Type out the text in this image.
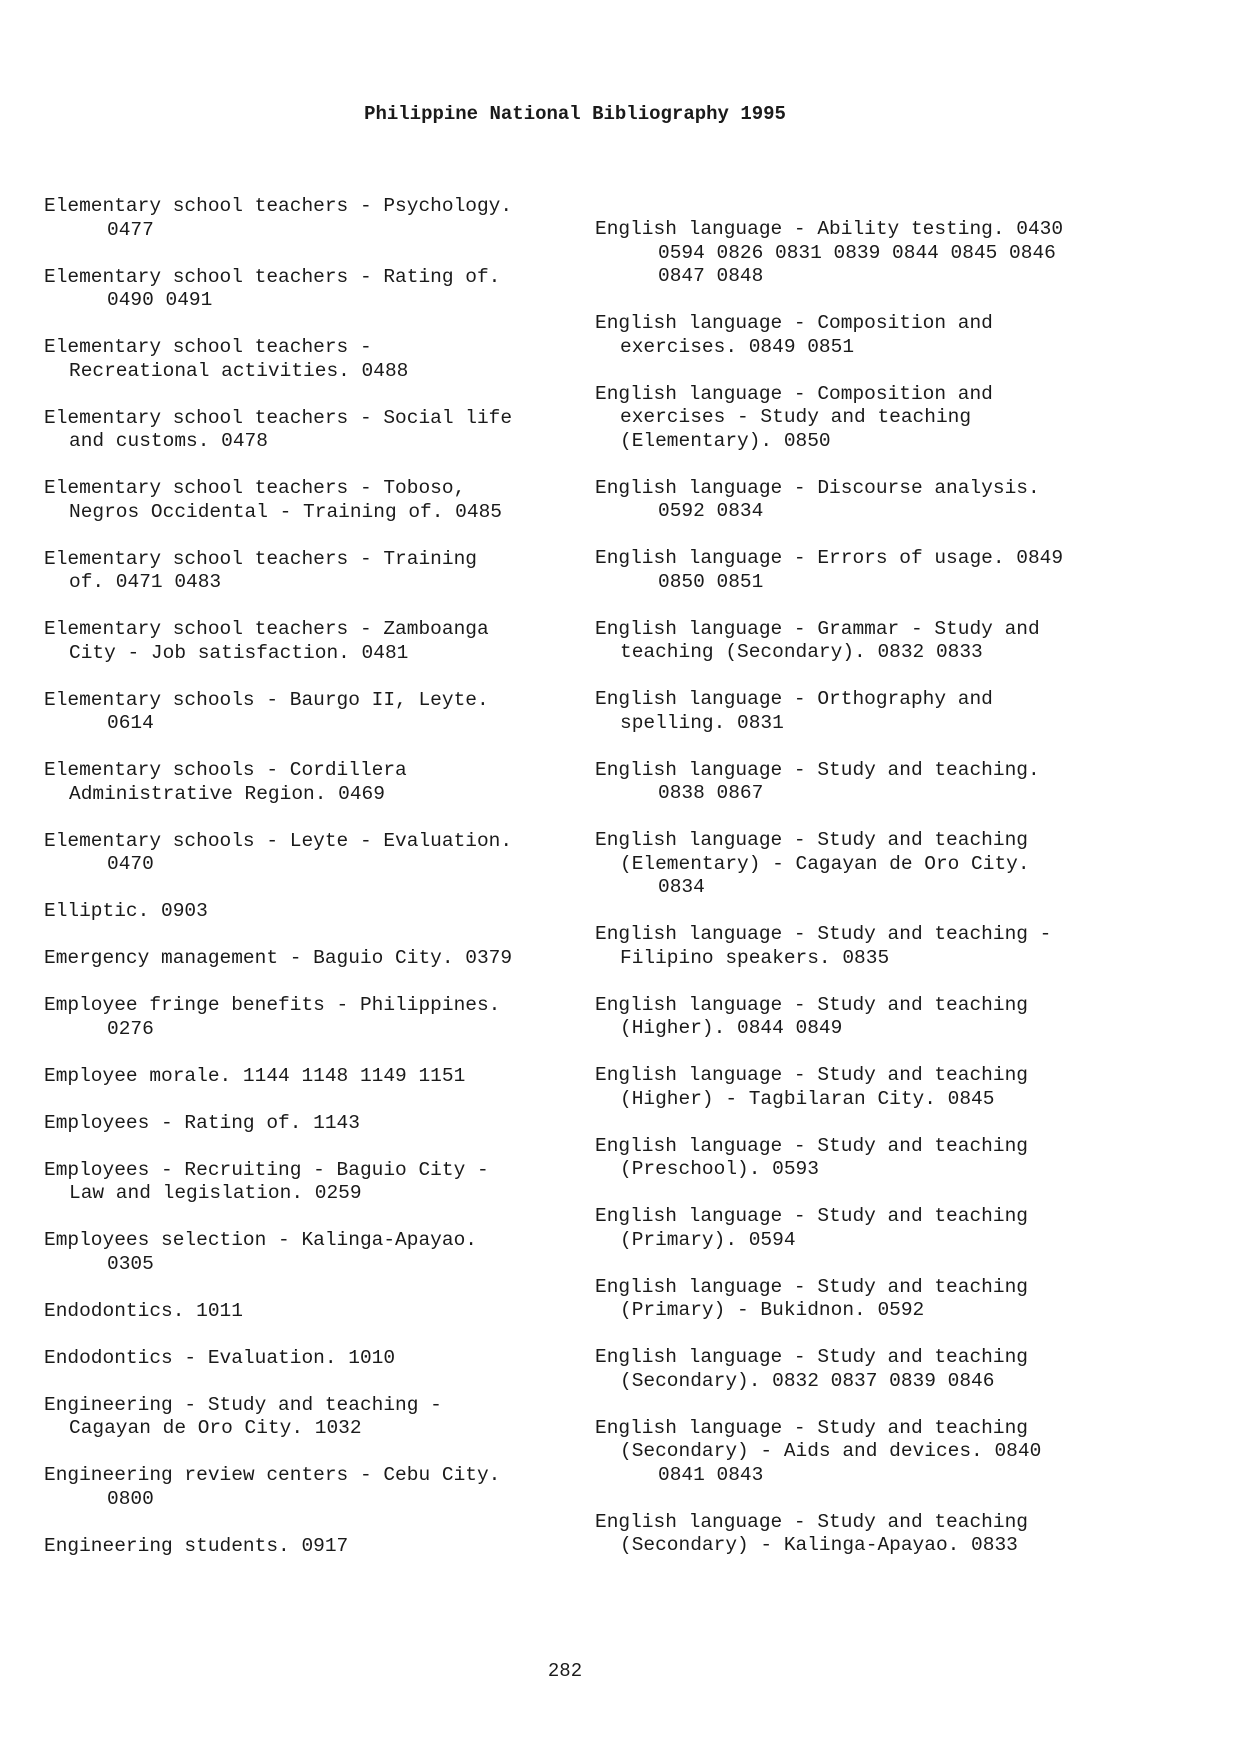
Philippine National Bibliography 1995
Elementary school teachers - Psychology.
0477
Elementary school teachers - Rating of.
0490 0491
Elementary school teachers -
Recreational activities. 0488
Elementary school teachers - Social life
and customs. 0478
Elementary school teachers - Toboso,
Negros Occidental - Training of. 0485
Elementary school teachers - Training
of. 0471 0483
Elementary school teachers - Zamboanga
City - Job satisfaction. 0481
Elementary schools - Baurgo II, Leyte.
0614
Elementary schools - Cordillera
Administrative Region. 0469
Elementary schools - Leyte - Evaluation.
0470
Elliptic. 0903
Emergency management - Baguio City. 0379
Employee fringe benefits - Philippines.
0276
Employee morale. 1144 1148 1149 1151
Employees - Rating of. 1143
Employees - Recruiting - Baguio City -
Law and legislation. 0259
Employees selection - Kalinga-Apayao.
0305
Endodontics. 1011
Endodontics - Evaluation. 1010
Engineering - Study and teaching -
Cagayan de Oro City. 1032
Engineering review centers - Cebu City.
0800
Engineering students. 0917
English language - Ability testing. 0430
0594 0826 0831 0839 0844 0845 0846
0847 0848
English language - Composition and
exercises. 0849 0851
English language - Composition and
exercises - Study and teaching
(Elementary). 0850
English language - Discourse analysis.
0592 0834
English language - Errors of usage. 0849
0850 0851
English language - Grammar - Study and
teaching (Secondary). 0832 0833
English language - Orthography and
spelling. 0831
English language - Study and teaching.
0838 0867
English language - Study and teaching
(Elementary) - Cagayan de Oro City.
0834
English language - Study and teaching -
Filipino speakers. 0835
English language - Study and teaching
(Higher). 0844 0849
English language - Study and teaching
(Higher) - Tagbilaran City. 0845
English language - Study and teaching
(Preschool). 0593
English language - Study and teaching
(Primary). 0594
English language - Study and teaching
(Primary) - Bukidnon. 0592
English language - Study and teaching
(Secondary). 0832 0837 0839 0846
English language - Study and teaching
(Secondary) - Aids and devices. 0840
0841 0843
English language - Study and teaching
(Secondary) - Kalinga-Apayao. 0833
282
